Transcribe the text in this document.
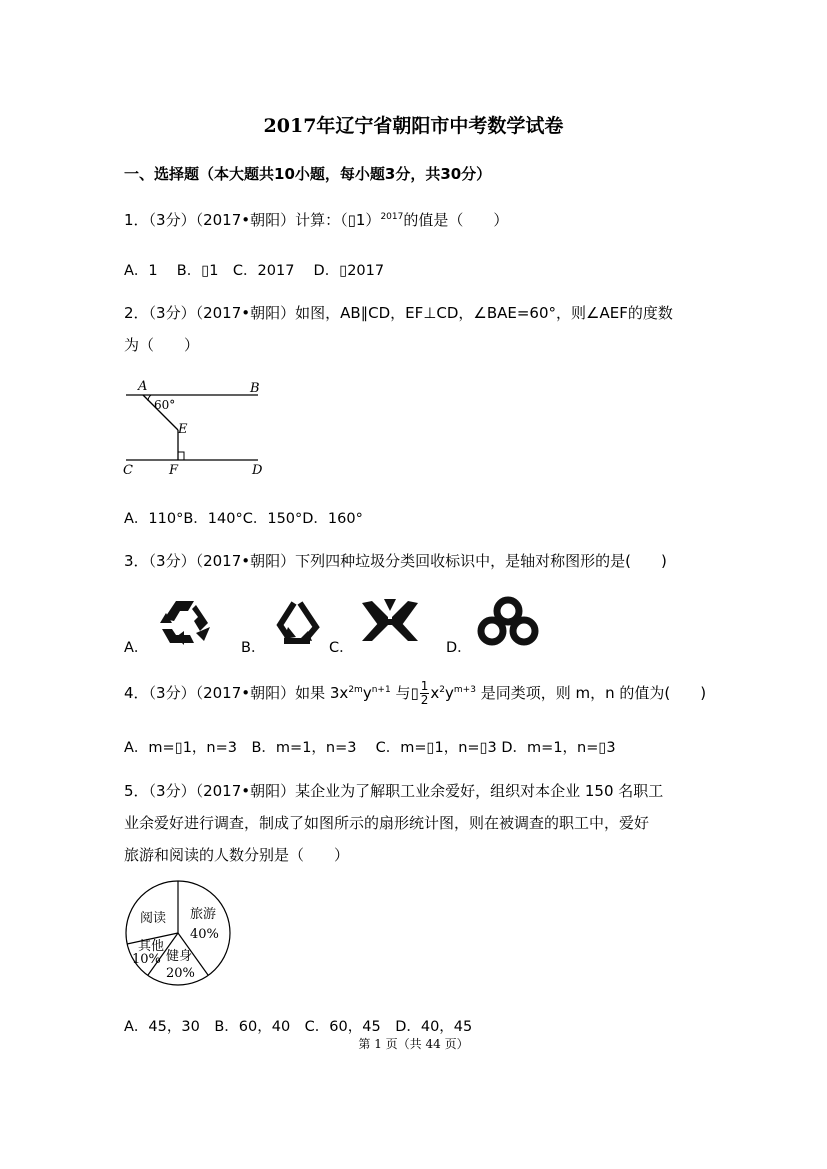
2017年辽宁省朝阳市中考数学试卷
一、选择题（本大题共10小题，每小题3分，共30分）
1．（3分）（2017•朝阳）计算：（▯1）$^{2017}$的值是（　　）
A．1　 B．▯1　C．2017　 D．▯2017
2．（3分）（2017•朝阳）如图，AB∥CD，EF⊥CD，∠BAE=60°，则∠AEF的度数
为（　　）
A	B
C	D
E
F
60°
A．110°B．140°C．150°D．160°
3．（3分）（2017•朝阳）下列四种垃圾分类回收标识中，是轴对称图形的是(　　)
A．	B．	C．	D．
4．（3分）（2017•朝阳）如果 $3x^{2m}y^{n+1}$ 与▯ $\frac{1}{2} x^2y^{m+3}$ 是同类项，则 m，n 的值为(　　)
A．m=▯1，n=3　B．m=1，n=3　 C．m=▯1，n=▯3 D．m=1，n=▯3
5．（3分）（2017•朝阳）某企业为了解职工业余爱好，组织对本企业 150 名职工
业余爱好进行调查，制成了如图所示的扇形统计图，则在被调查的职工中，爱好
旅游和阅读的人数分别是（　　）
阅读 旅游
40%
其他
10% 健身
20%
A．45，30　B．60，40　C．60，45　D．40，45
第 1 页（共 44 页）
